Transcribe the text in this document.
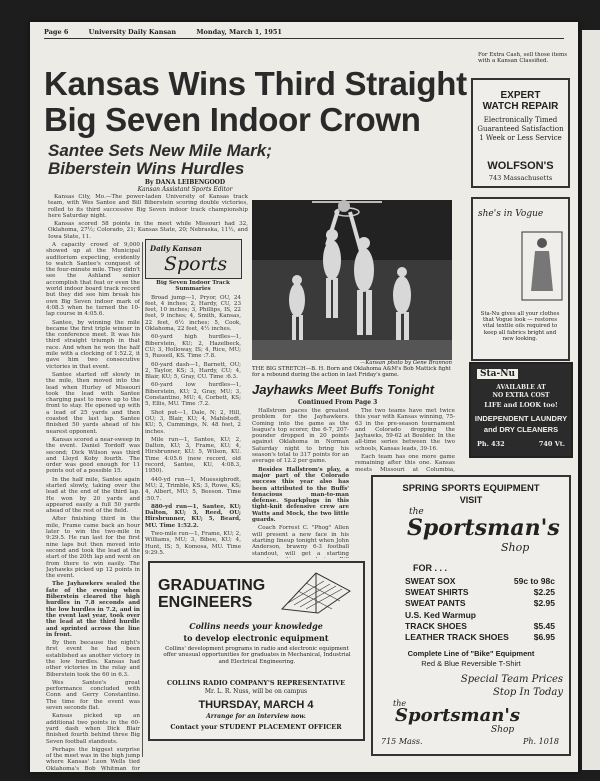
Page 6	University Daily Kansan	Monday, March 1, 1951
For Extra Cash, sell those items with a Kansan Classified.
Kansas Wins Third Straight
Big Seven Indoor Crown
Santee Sets New Mile Mark;
Biberstein Wins Hurdles
By DANA LEIBENGOOD
Kansan Assistant Sports Editor

Kansas City, Mo.—The power-laden University of Kansas track team, with Wes Santee and Bill Biberstein scoring double victories, rolled to its third successive Big Seven indoor track championship here Saturday night.

Kansas scored 58 points in the meet while Missouri had 32, Oklahoma, 27½; Colorado, 21; Kansas State, 20; Nebraska, 11½, and Iowa State, 11.

A capacity crowd of 9,000 showed up at the Municipal auditorium expecting, evidently to watch Santee's conquest of the four-minute mile. They didn't see the Ashland senior accomplish that feat or even the world indoor board track record but they did see him break his own Big Seven indoor mark of 4:08.3 when he turned the 10-lap course in 4:05.6.

Santee, by winning the mile became the first triple winner in the conference meet. It was his third straight triumph in that race. And when he won the half mile with a clocking of 1:52.2, it gave him two consecutive victories in that event.

Santee started off slowly in the mile, then moved into the lead when Hurley of Missouri took the lead with Santee charging past to move up to the front to stay. He opened up with a lead of 25 yards and then coasted the last lap. Santee finished 50 yards ahead of his nearest opponent.

Kansas scored a near-sweep in the event. Daniel Tordoff was second; Dick Wilson was third and Lloyd Koby fourth. The order was good enough for 11 points out of a possible 15.

In the half mile, Santee again started slowly, taking over the lead at the end of the third lap. He won by 20 yards and appeared easily a full 50 yards ahead of the rest of the field.

After finishing third in the mile, Frame came back an hour later to win the two-mile in 9:29.5. He ran last for the first nine laps but then moved into second and took the lead at the start of the 20th lap and went on from there to win easily. The Jayhawks picked up 12 points in the event.

The Jayhawkers sealed the fate of the evening when Biberstein cleared the high hurdles in 7.8 seconds and the low hurdles in 7.2, and in the event last year, took over the lead at the third hurdle and sprinted across the line in front.

By then because the night's first event he had been established as another victory in the low hurdles. Kansas had other victories in the relay and Biberstein took the 60 in 6.3.

Wes Santee's great performance concluded with Conn and Gerry Constantino. The time for the event was seven seconds flat.

Kansas picked up an additional two points in the 60-yard dash when Dick Blair finished fourth behind three Big Seven football standouts.

Perhaps the biggest surprise of the meet was in the high jump where Kansas' Leon Wells tied Oklahoma's Bob Whitman for

Daily Kansan
Sports

Big Seven Indoor Track Summaries

Broad jump—1, Pryor, OU, 24 feet, 4 inches; 2, Hardy, CU, 23 feet, 10 inches; 3, Phillips, IS, 22 feet, 9 inches; 4, Smith, Kansas, 22 feet, 6½ inches; 5, Cook, Oklahoma, 22 feet, 4½ inches.

60-yard high hurdles—1, Biberstein, KU; 2, Hazelbeck, CU; 3, Holloway, IS; 4, Rice, MU; 5, Russell, KS. Time :7.8.

60-yard dash—1, Barnett, OU; 2, Taylor, KS; 3, Hardy, CU; 4, Blair, KU; 5, Gray, CU. Time :6.3.

60-yard low hurdles—1, Biberstein, KU; 2, Gray, MU; 3, Constantino, MU; 4, Corbett, KS; 5, Ellis, MU. Time :7.2.

Shot put—1, Dale, N; 2, Hill, OU; 3, Blair, KU; 4, Mahlstedt, KU; 5, Cummings, N. 48 feet, 2 inches.

Mile run—1, Santee, KU; 2, Dalton, KU; 3, Frame, KU; 4, Hirsbrunner, KU; 5, Wilson, KU. Time 4:05.6 (new record, old record, Santee, KU, 4:08.3, 1950).

440-yd run—1, Muessigbrodt, MU; 2, Trimble, KS; 3, Rowe, KS; 4, Albert, MU; 5, Beeson. Time :50.7.

880-yd run—1, Santee, KU; Dalton, KU; 3, Reed, OU; Hirsbrunner, KU; 5, Beard, MU. Time 1:52.2.

Two-mile run—1, Frame, KU; 2, Williams, MU; 3, Bibee, KU; 4, Hunt, IS; 5, Komosa, MU. Time 9:29.5.

—Kansan photo by Gene Brannon
THE BIG STRETCH—B. H. Born and Oklahoma A&M's Bob Mattick fight for a rebound during the action in last Friday's game.
Jayhawks Meet Buffs Tonight
Continued From Page 3

Hallstrom paces the greatest problem for the Jayhawkers. Coming into the game as the league's top scorer, the 6-7, 207-pounder dropped in 20 points against Oklahoma in Norman Saturday night to bring his season's total to 317 points for an average of 12.2 per game.

Besides Hallstrom's play, a major part of the Colorado success this year also has been attributed to the Buffs' tenacious man-to-man defense. Sparkplugs in this tight-knit defensive crew are Watts and Mock, the two little guards.

Coach Forrest C. "Phog" Allen will present a new face in his starting lineup tonight when John Anderson, brawny 6-3 football standout, will get a starting

The two teams have met twice this year with Kansas winning, 75-63 in the pre-season tournament and Colorado dropping the Jayhawks, 59-62 at Boulder. In the all-time series between the two schools, Kansas leads, 39-16.

Each team has one more game remaining after this one. Kansas meets Missouri at Columbia,

GRADUATING
ENGINEERS
Collins needs your knowledge
to develop electronic equipment
Collins' development programs in radio and electronic equipment offer unusual opportunities for graduates in Mechanical, Industrial and Electrical Engineering.
COLLINS RADIO COMPANY'S REPRESENTATIVE
Mr. L. R. Nuss, will be on campus
THURSDAY, MARCH 4
Arrange for an interview now.
Contact your STUDENT PLACEMENT OFFICER
EXPERT
WATCH REPAIR
Electronically Timed
Guaranteed Satisfaction
1 Week or Less Service
WOLFSON'S
743 Massachusetts
she's in Vogue
Sta-Nu gives all your clothes that Vogue look — restores vital textile oils required to keep all fabrics bright and new looking.
Sta-Nu
AVAILABLE AT
NO EXTRA COST
LIFE and LOOK too!
INDEPENDENT LAUNDRY
and DRY CLEANERS
Ph. 432	740 Vt.
SPRING SPORTS EQUIPMENT
VISIT
the
Sportsman's
Shop
FOR . . .
SWEAT SOX	59c to 98c
SWEAT SHIRTS	$2.25
SWEAT PANTS	$2.95
U.S. Ked Warmup
TRACK SHOES	$5.45
LEATHER TRACK SHOES	$6.95
Complete Line of "Bike" Equipment
Red & Blue Reversible T-Shirt
Special Team Prices
Stop In Today
the
Sportsman's
Shop
715 Mass.	Ph. 1018
